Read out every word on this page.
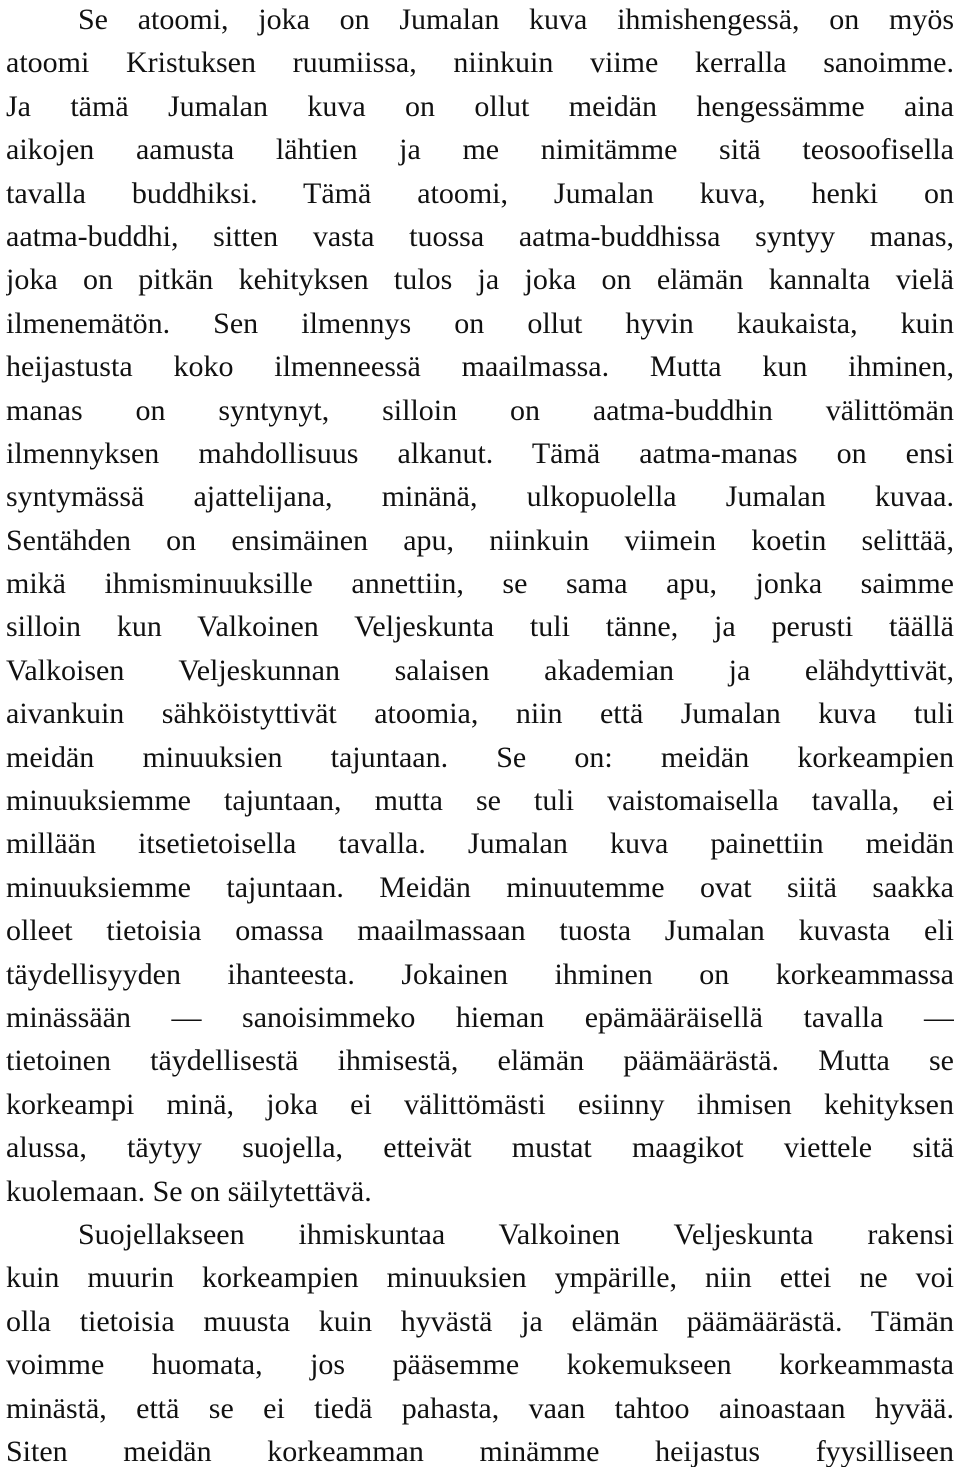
Se atoomi, joka on Jumalan kuva ihmishengessä, on myös
atoomi Kristuksen ruumiissa, niinkuin viime kerralla sanoimme.
Ja tämä Jumalan kuva on ollut meidän hengessämme aina
aikojen aamusta lähtien ja me nimitämme sitä teosoofisella
tavalla buddhiksi. Tämä atoomi, Jumalan kuva, henki on
aatma-buddhi, sitten vasta tuossa aatma-buddhissa syntyy manas,
joka on pitkän kehityksen tulos ja joka on elämän kannalta vielä
ilmenemätön. Sen ilmennys on ollut hyvin kaukaista, kuin
heijastusta koko ilmenneessä maailmassa. Mutta kun ihminen,
manas on syntynyt, silloin on aatma-buddhin välittömän
ilmennyksen mahdollisuus alkanut. Tämä aatma-manas on ensi
syntymässä ajattelijana, minänä, ulkopuolella Jumalan kuvaa.
Sentähden on ensimäinen apu, niinkuin viimein koetin selittää,
mikä ihmisminuuksille annettiin, se sama apu, jonka saimme
silloin kun Valkoinen Veljeskunta tuli tänne, ja perusti täällä
Valkoisen Veljeskunnan salaisen akademian ja elähdyttivät,
aivankuin sähköistyttivät atoomia, niin että Jumalan kuva tuli
meidän minuuksien tajuntaan. Se on: meidän korkeampien
minuuksiemme tajuntaan, mutta se tuli vaistomaisella tavalla, ei
millään itsetietoisella tavalla. Jumalan kuva painettiin meidän
minuuksiemme tajuntaan. Meidän minuutemme ovat siitä saakka
olleet tietoisia omassa maailmassaan tuosta Jumalan kuvasta eli
täydellisyyden ihanteesta. Jokainen ihminen on korkeammassa
minässään — sanoisimmeko hieman epämääräisellä tavalla —
tietoinen täydellisestä ihmisestä, elämän päämäärästä. Mutta se
korkeampi minä, joka ei välittömästi esiinny ihmisen kehityksen
alussa, täytyy suojella, etteivät mustat maagikot viettele sitä
kuolemaan. Se on säilytettävä.
Suojellakseen ihmiskuntaa Valkoinen Veljeskunta rakensi
kuin muurin korkeampien minuuksien ympärille, niin ettei ne voi
olla tietoisia muusta kuin hyvästä ja elämän päämäärästä. Tämän
voimme huomata, jos pääsemme kokemukseen korkeammasta
minästä, että se ei tiedä pahasta, vaan tahtoo ainoastaan hyvää.
Siten meidän korkeamman minämme heijastus fyysilliseen
